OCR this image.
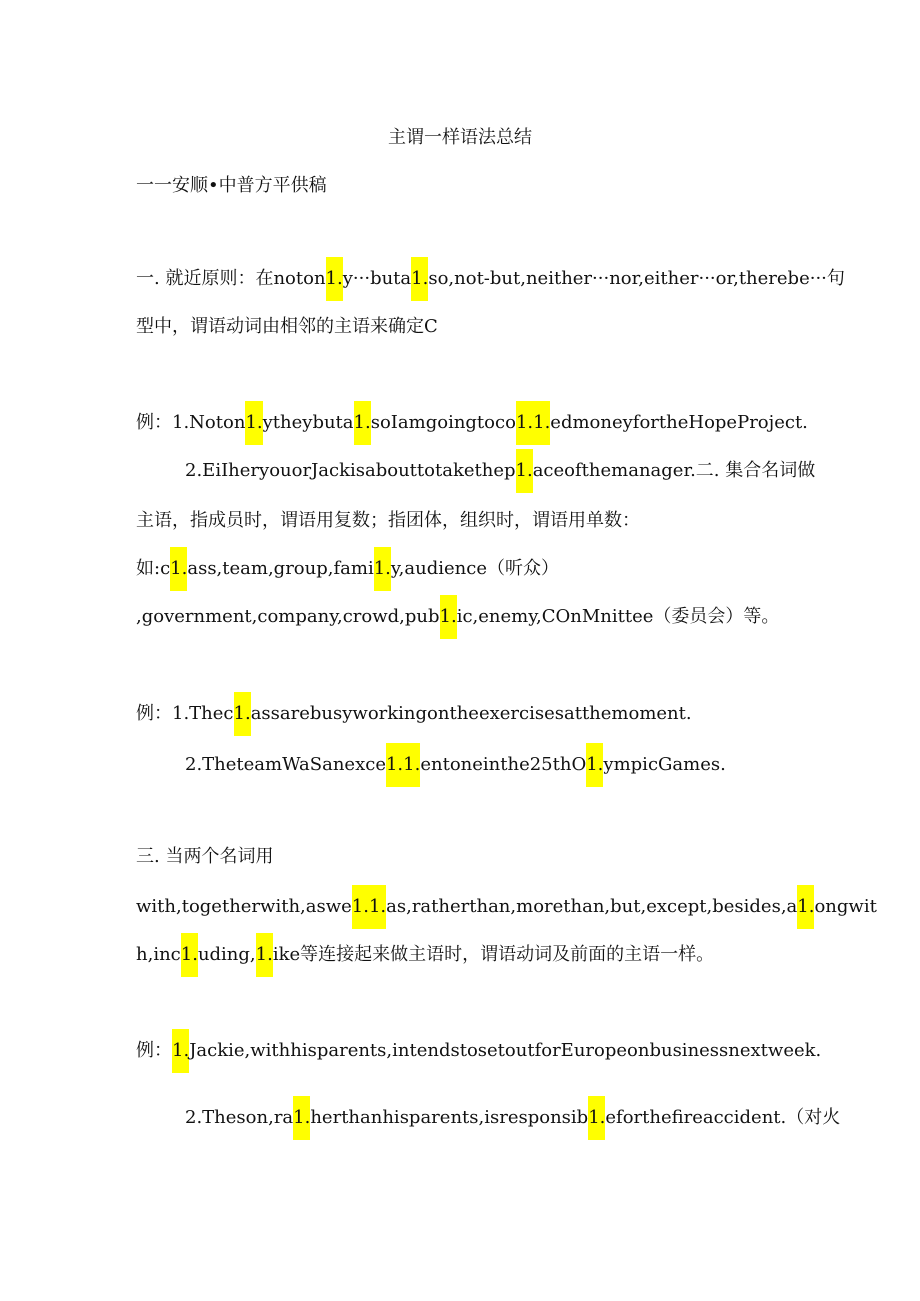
主谓一样语法总结
一一安顺•中普方平供稿
一. 就近原则：在noton1.y···buta1.so,not-but,neither···nor,either···or,therebe···句
型中，谓语动词由相邻的主语来确定C
例：1.Noton1.ytheybuta1.soIamgoingtoco1.1.edmoneyfortheHopeProject.
2.EiIheryouorJackisabouttotakethep1.aceofthemanager.二. 集合名词做
主语，指成员时，谓语用复数；指团体，组织时，谓语用单数：
如:c1.ass,team,group,fami1.y,audience（听众）
,government,company,crowd,pub1.ic,enemy,COnMnittee（委员会）等。
例：1.Thec1.assarebusyworkingontheexercisesatthemoment.
2.TheteamWaSanexce1.1.entoneinthe25thO1.ympicGames.
三. 当两个名词用
with,togetherwith,aswe1.1.as,ratherthan,morethan,but,except,besides,a1.ongwit
h,inc1.uding,1.ike等连接起来做主语时，谓语动词及前面的主语一样。
例：1.Jackie,withhisparents,intendstosetoutforEuropeonbusinessnextweek.
2.Theson,ra1.herthanhisparents,isresponsib1.eforthefireaccident.（对火
